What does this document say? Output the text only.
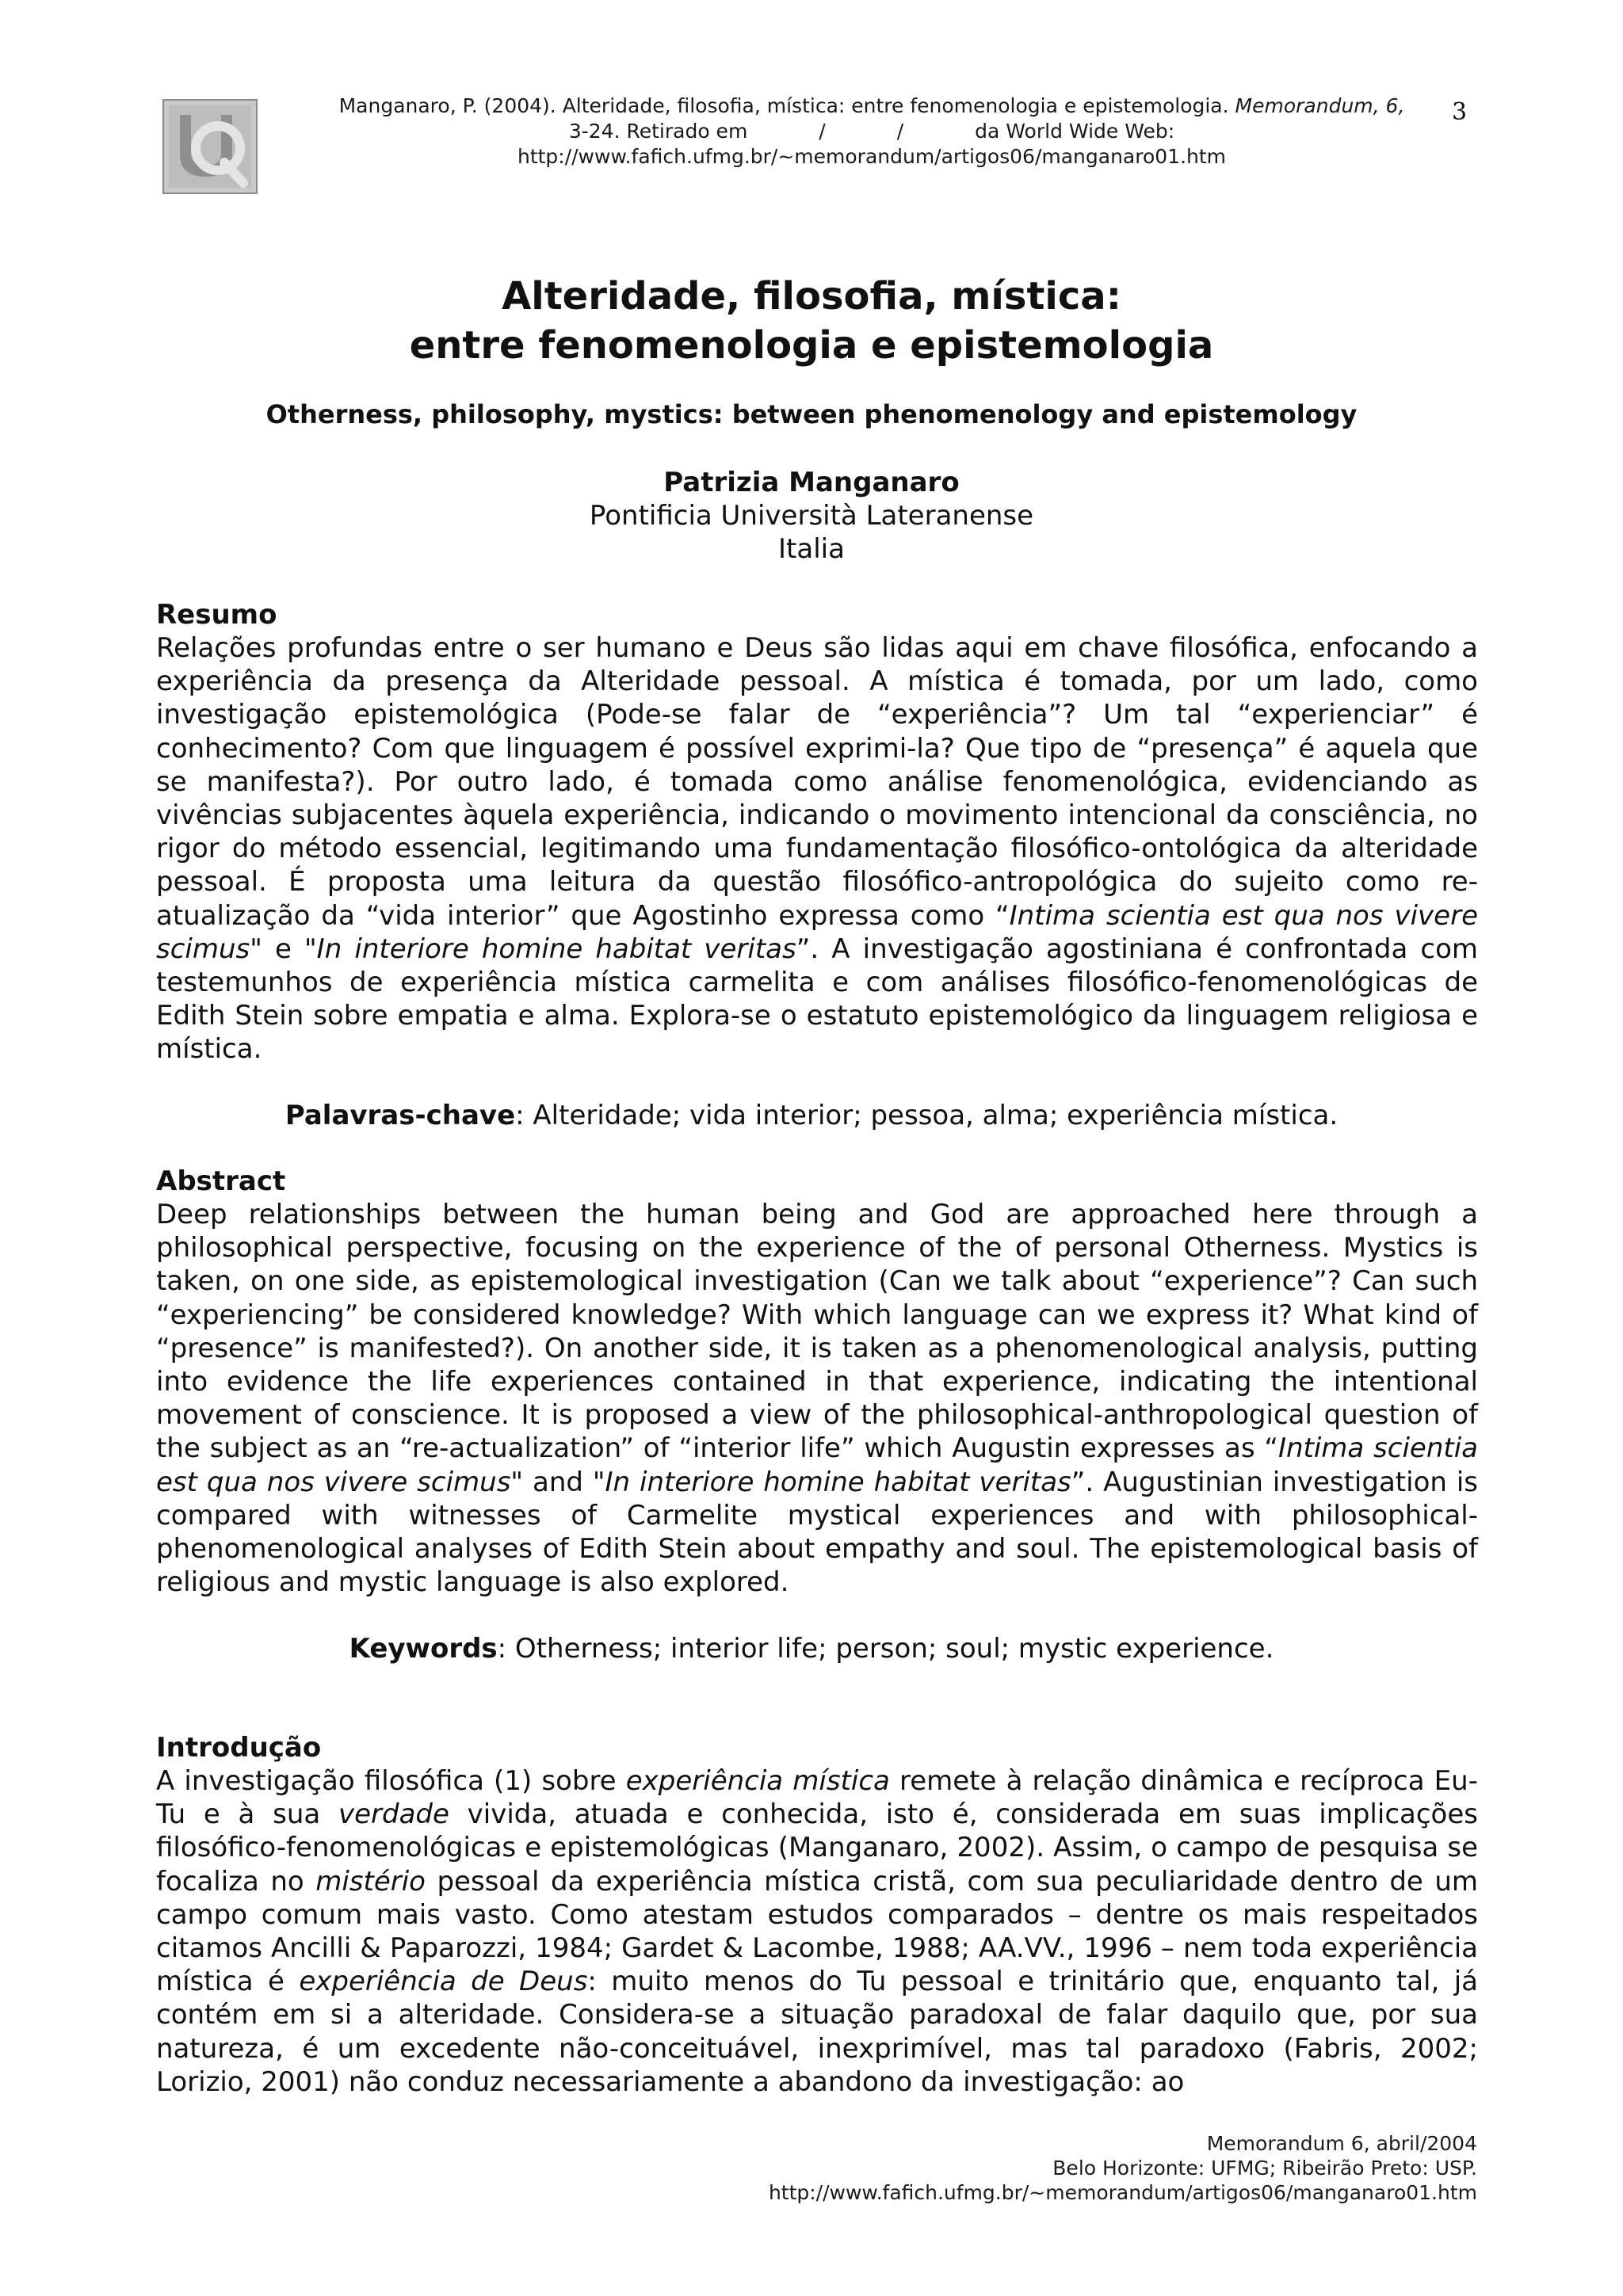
Manganaro, P. (2004). Alteridade, filosofia, mística: entre fenomenologia e epistemologia. Memorandum, 6,
3-24. Retirado em	/	/	da World Wide Web:
http://www.fafich.ufmg.br/~memorandum/artigos06/manganaro01.htm
3
Alteridade, filosofia, mística:
entre fenomenologia e epistemologia
Otherness, philosophy, mystics: between phenomenology and epistemology
Patrizia Manganaro
Pontificia Università Lateranense
Italia
Resumo

Relações profundas entre o ser humano e Deus são lidas aqui em chave filosófica, enfocando a experiência da presença da Alteridade pessoal. A mística é tomada, por um lado, como investigação epistemológica (Pode-se falar de “experiência”? Um tal “experienciar” é conhecimento? Com que linguagem é possível exprimi-la? Que tipo de “presença” é aquela que se manifesta?). Por outro lado, é tomada como análise fenomenológica, evidenciando as vivências subjacentes àquela experiência, indicando o movimento intencional da consciência, no rigor do método essencial, legitimando uma fundamentação filosófico-ontológica da alteridade pessoal. É proposta uma leitura da questão filosófico-antropológica do sujeito como re-atualização da “vida interior” que Agostinho expressa como “Intima scientia est qua nos vivere scimus" e "In interiore homine habitat veritas”. A investigação agostiniana é confrontada com testemunhos de experiência mística carmelita e com análises filosófico-fenomenológicas de Edith Stein sobre empatia e alma. Explora-se o estatuto epistemológico da linguagem religiosa e mística.

Palavras-chave: Alteridade; vida interior; pessoa, alma; experiência mística.
Abstract

Deep relationships between the human being and God are approached here through a philosophical perspective, focusing on the experience of the of personal Otherness. Mystics is taken, on one side, as epistemological investigation (Can we talk about “experience”? Can such “experiencing” be considered knowledge? With which language can we express it? What kind of “presence” is manifested?). On another side, it is taken as a phenomenological analysis, putting into evidence the life experiences contained in that experience, indicating the intentional movement of conscience. It is proposed a view of the philosophical-anthropological question of the subject as an “re-actualization” of “interior life” which Augustin expresses as “Intima scientia est qua nos vivere scimus" and "In interiore homine habitat veritas”. Augustinian investigation is compared with witnesses of Carmelite mystical experiences and with philosophical-phenomenological analyses of Edith Stein about empathy and soul. The epistemological basis of religious and mystic language is also explored.

Keywords: Otherness; interior life; person; soul; mystic experience.
Introdução

A investigação filosófica (1) sobre experiência mística remete à relação dinâmica e recíproca Eu-Tu e à sua verdade vivida, atuada e conhecida, isto é, considerada em suas implicações filosófico-fenomenológicas e epistemológicas (Manganaro, 2002). Assim, o campo de pesquisa se focaliza no mistério pessoal da experiência mística cristã, com sua peculiaridade dentro de um campo comum mais vasto. Como atestam estudos comparados – dentre os mais respeitados citamos Ancilli & Paparozzi, 1984; Gardet & Lacombe, 1988; AA.VV., 1996 – nem toda experiência mística é experiência de Deus: muito menos do Tu pessoal e trinitário que, enquanto tal, já contém em si a alteridade. Considera-se a situação paradoxal de falar daquilo que, por sua natureza, é um excedente não-conceituável, inexprimível, mas tal paradoxo (Fabris, 2002; Lorizio, 2001) não conduz necessariamente a abandono da investigação: ao

Memorandum 6, abril/2004
Belo Horizonte: UFMG; Ribeirão Preto: USP.
http://www.fafich.ufmg.br/~memorandum/artigos06/manganaro01.htm
